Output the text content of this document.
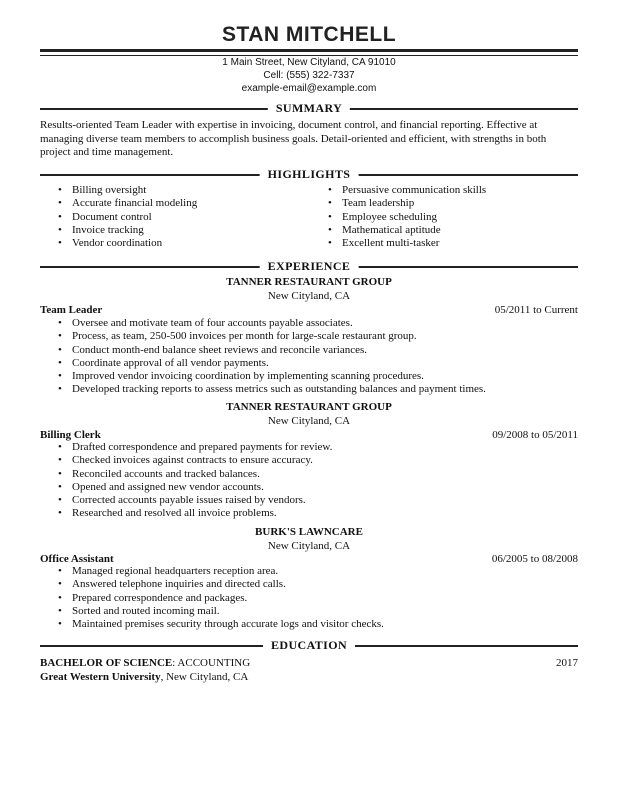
STAN MITCHELL
1 Main Street, New Cityland, CA 91010
Cell: (555) 322-7337
example-email@example.com
SUMMARY
Results-oriented Team Leader with expertise in invoicing, document control, and financial reporting. Effective at managing diverse team members to accomplish business goals. Detail-oriented and efficient, with strengths in both project and time management.
HIGHLIGHTS
• Billing oversight
• Accurate financial modeling
• Document control
• Invoice tracking
• Vendor coordination
• Persuasive communication skills
• Team leadership
• Employee scheduling
• Mathematical aptitude
• Excellent multi-tasker
EXPERIENCE
TANNER RESTAURANT GROUP
New Cityland, CA
Team Leader	05/2011 to Current
• Oversee and motivate team of four accounts payable associates.
• Process, as team, 250-500 invoices per month for large-scale restaurant group.
• Conduct month-end balance sheet reviews and reconcile variances.
• Coordinate approval of all vendor payments.
• Improved vendor invoicing coordination by implementing scanning procedures.
• Developed tracking reports to assess metrics such as outstanding balances and payment times.
TANNER RESTAURANT GROUP
New Cityland, CA
Billing Clerk	09/2008 to 05/2011
• Drafted correspondence and prepared payments for review.
• Checked invoices against contracts to ensure accuracy.
• Reconciled accounts and tracked balances.
• Opened and assigned new vendor accounts.
• Corrected accounts payable issues raised by vendors.
• Researched and resolved all invoice problems.
BURK'S LAWNCARE
New Cityland, CA
Office Assistant	06/2005 to 08/2008
• Managed regional headquarters reception area.
• Answered telephone inquiries and directed calls.
• Prepared correspondence and packages.
• Sorted and routed incoming mail.
• Maintained premises security through accurate logs and visitor checks.
EDUCATION
BACHELOR OF SCIENCE: ACCOUNTING	2017
Great Western University, New Cityland, CA
